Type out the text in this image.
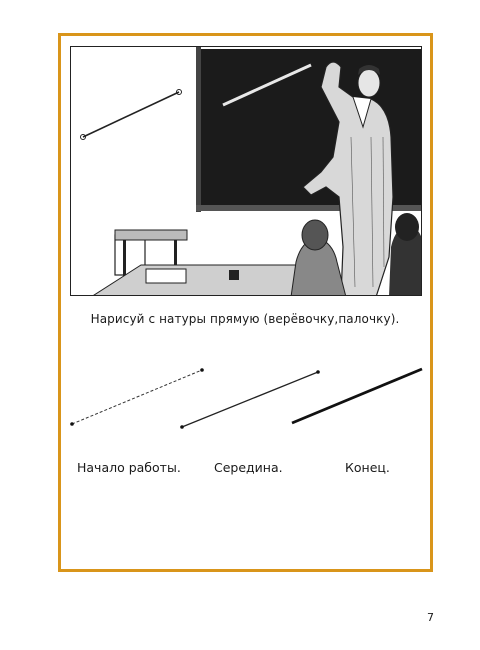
Нарисуй с натуры прямую (верёвочку,палочку).
Начало работы.	Середина.	Конец.
7
